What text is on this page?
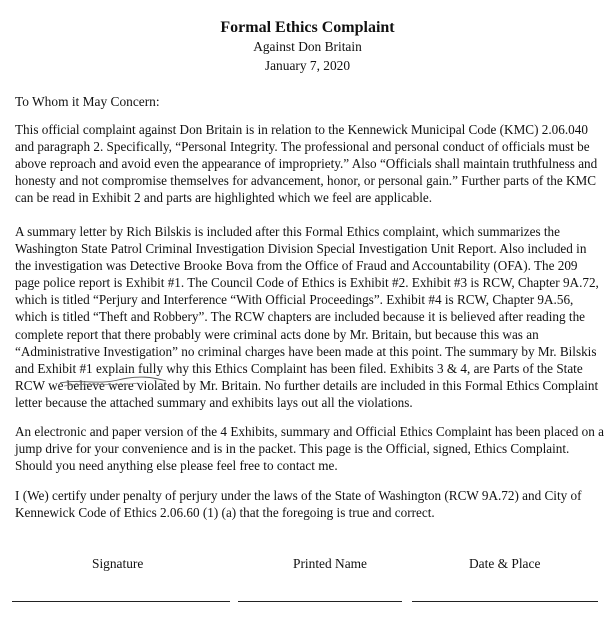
Formal Ethics Complaint
Against Don Britain
January 7, 2020
To Whom it May Concern:
This official complaint against Don Britain is in relation to the Kennewick Municipal Code (KMC) 2.06.040 and paragraph 2. Specifically, “Personal Integrity. The professional and personal conduct of officials must be above reproach and avoid even the appearance of impropriety.” Also “Officials shall maintain truthfulness and honesty and not compromise themselves for advancement, honor, or personal gain.” Further parts of the KMC can be read in Exhibit 2 and parts are highlighted which we feel are applicable.
A summary letter by Rich Bilskis is included after this Formal Ethics complaint, which summarizes the Washington State Patrol Criminal Investigation Division Special Investigation Unit Report. Also included in the investigation was Detective Brooke Bova from the Office of Fraud and Accountability (OFA). The 209 page police report is Exhibit #1. The Council Code of Ethics is Exhibit #2. Exhibit #3 is RCW, Chapter 9A.72, which is titled “Perjury and Interference “With Official Proceedings”. Exhibit #4 is RCW, Chapter 9A.56, which is titled “Theft and Robbery”. The RCW chapters are included because it is believed after reading the complete report that there probably were criminal acts done by Mr. Britain, but because this was an “Administrative Investigation” no criminal charges have been made at this point. The summary by Mr. Bilskis and Exhibit #1 explain fully why this Ethics Complaint has been filed. Exhibits 3 & 4, are Parts of the State RCW we believe were violated by Mr. Britain. No further details are included in this Formal Ethics Complaint letter because the attached summary and exhibits lays out all the violations.
An electronic and paper version of the 4 Exhibits, summary and Official Ethics Complaint has been placed on a jump drive for your convenience and is in the packet. This page is the Official, signed, Ethics Complaint. Should you need anything else please feel free to contact me.
I (We) certify under penalty of perjury under the laws of the State of Washington (RCW 9A.72) and City of Kennewick Code of Ethics 2.06.60 (1) (a) that the foregoing is true and correct.
Signature	Printed Name	Date & Place
